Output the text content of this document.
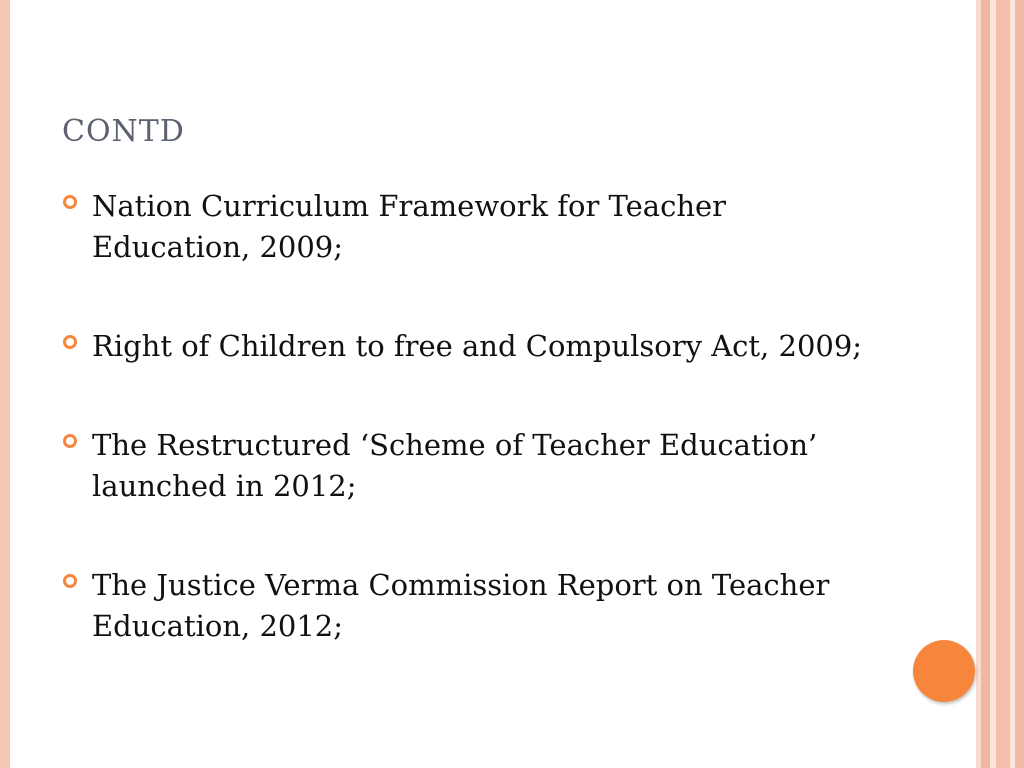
CONTD
Nation Curriculum Framework for Teacher Education, 2009;
Right of Children to free and Compulsory Act, 2009;
The Restructured ‘Scheme of Teacher Education’ launched in 2012;
The Justice Verma Commission Report on Teacher Education, 2012;
